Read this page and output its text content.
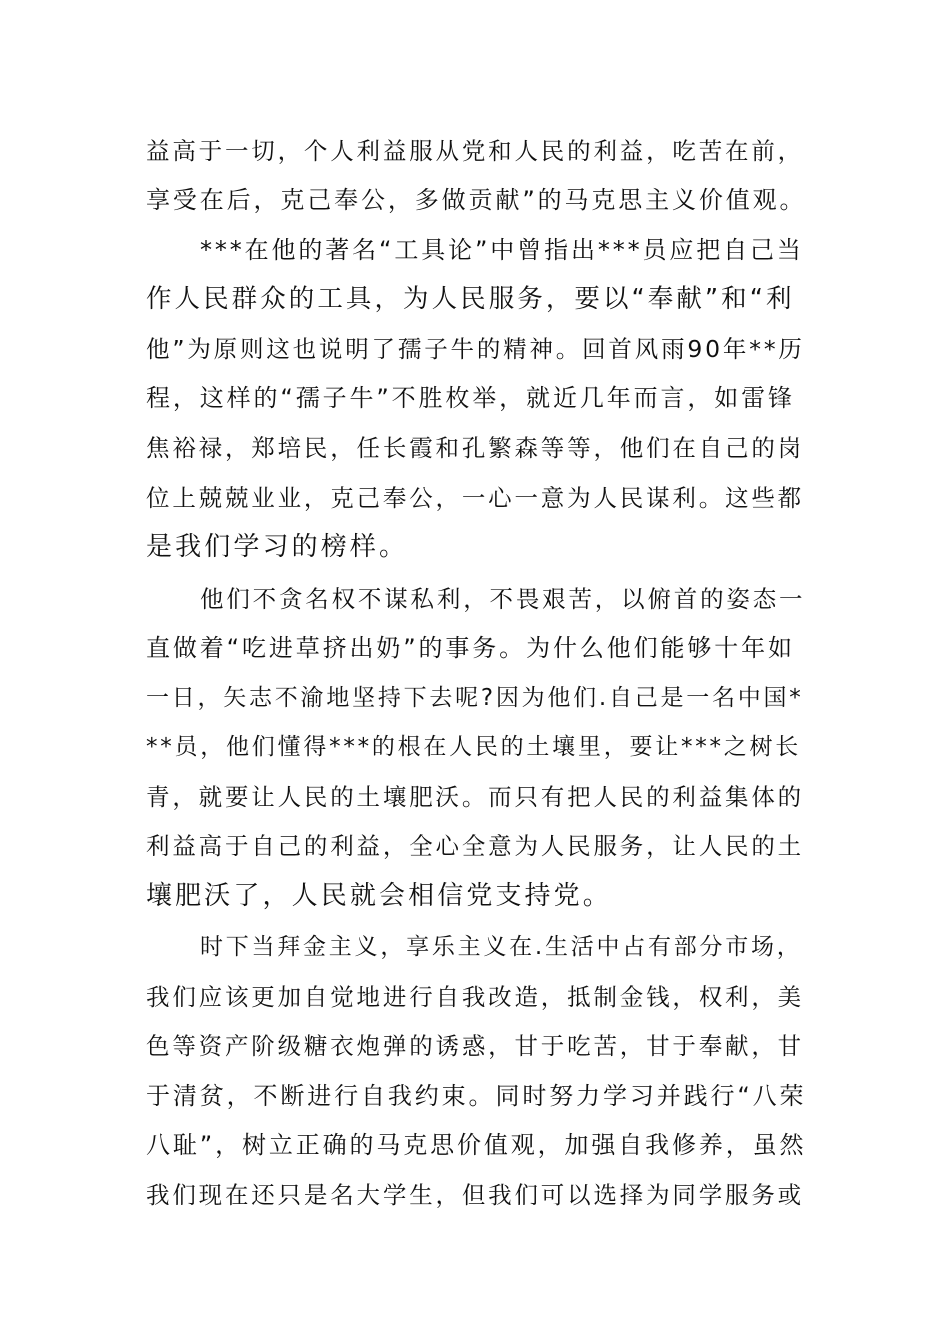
益高于一切，个人利益服从党和人民的利益，吃苦在前，
享受在后，克己奉公，多做贡献”的马克思主义价值观。
***在他的著名“工具论”中曾指出***员应把自己当
作人民群众的工具，为人民服务，要以“奉献”和“利
他”为原则这也说明了孺子牛的精神。回首风雨90年**历
程，这样的“孺子牛”不胜枚举，就近几年而言，如雷锋
焦裕禄，郑培民，任长霞和孔繁森等等，他们在自己的岗
位上兢兢业业，克己奉公，一心一意为人民谋利。这些都
是我们学习的榜样。
他们不贪名权不谋私利，不畏艰苦，以俯首的姿态一
直做着“吃进草挤出奶”的事务。为什么他们能够十年如
一日，矢志不渝地坚持下去呢?因为他们.自己是一名中国*
**员，他们懂得***的根在人民的土壤里，要让***之树长
青，就要让人民的土壤肥沃。而只有把人民的利益集体的
利益高于自己的利益，全心全意为人民服务，让人民的土
壤肥沃了，人民就会相信党支持党。
时下当拜金主义，享乐主义在.生活中占有部分市场，
我们应该更加自觉地进行自我改造，抵制金钱，权利，美
色等资产阶级糖衣炮弹的诱惑，甘于吃苦，甘于奉献，甘
于清贫，不断进行自我约束。同时努力学习并践行“八荣
八耻”，树立正确的马克思价值观，加强自我修养，虽然
我们现在还只是名大学生，但我们可以选择为同学服务或
